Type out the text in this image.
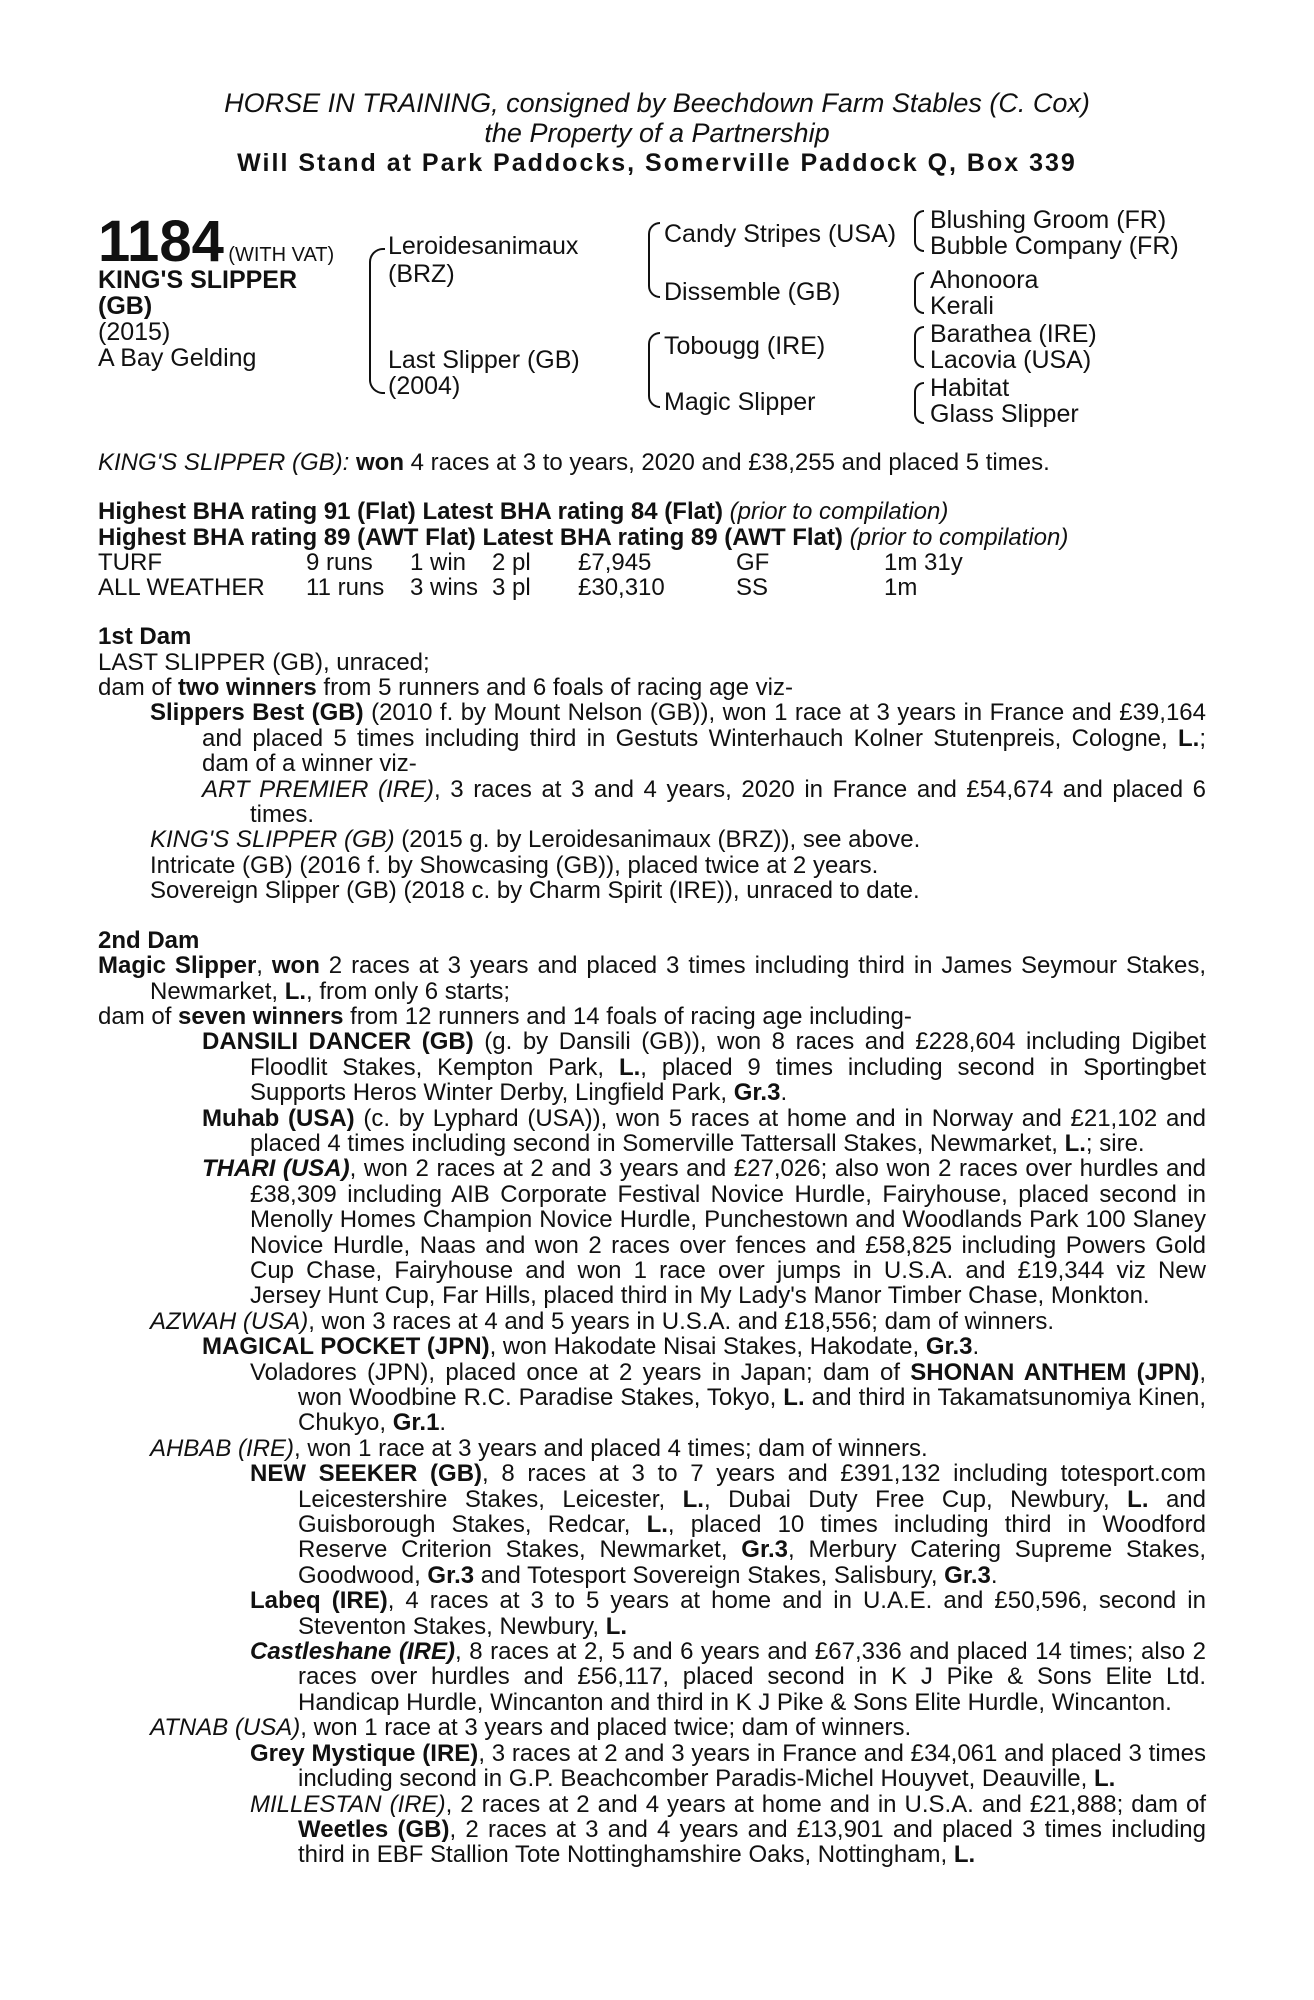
HORSE IN TRAINING, consigned by Beechdown Farm Stables (C. Cox)
the Property of a Partnership
Will Stand at Park Paddocks, Somerville Paddock Q, Box 339
1184 (WITH VAT)
KING'S SLIPPER
(GB)
(2015)
A Bay Gelding
Leroidesanimaux
(BRZ)
Last Slipper (GB)
(2004)
Candy Stripes (USA)
Dissemble (GB)
Tobougg (IRE)
Magic Slipper
Blushing Groom (FR)
Bubble Company (FR)
Ahonoora
Kerali
Barathea (IRE)
Lacovia (USA)
Habitat
Glass Slipper

KING'S SLIPPER (GB): won 4 races at 3 to years, 2020 and £38,255 and placed 5 times.

Highest BHA rating 91 (Flat) Latest BHA rating 84 (Flat) (prior to compilation)

Highest BHA rating 89 (AWT Flat) Latest BHA rating 89 (AWT Flat) (prior to compilation)

TURF	9 runs	1 win	2 pl	£7,945	GF	1m 31y
ALL WEATHER	11 runs	3 wins	3 pl	£30,310	SS	1m

1st Dam

LAST SLIPPER (GB), unraced;

dam of two winners from 5 runners and 6 foals of racing age viz-

Slippers Best (GB) (2010 f. by Mount Nelson (GB)), won 1 race at 3 years in France and £39,164 and placed 5 times including third in Gestuts Winterhauch Kolner Stutenpreis, Cologne, L.; dam of a winner viz-

ART PREMIER (IRE), 3 races at 3 and 4 years, 2020 in France and £54,674 and placed 6 times.

KING'S SLIPPER (GB) (2015 g. by Leroidesanimaux (BRZ)), see above.

Intricate (GB) (2016 f. by Showcasing (GB)), placed twice at 2 years.

Sovereign Slipper (GB) (2018 c. by Charm Spirit (IRE)), unraced to date.

2nd Dam

Magic Slipper, won 2 races at 3 years and placed 3 times including third in James Seymour Stakes, Newmarket, L., from only 6 starts;

dam of seven winners from 12 runners and 14 foals of racing age including-

DANSILI DANCER (GB) (g. by Dansili (GB)), won 8 races and £228,604 including Digibet Floodlit Stakes, Kempton Park, L., placed 9 times including second in Sportingbet Supports Heros Winter Derby, Lingfield Park, Gr.3.

Muhab (USA) (c. by Lyphard (USA)), won 5 races at home and in Norway and £21,102 and placed 4 times including second in Somerville Tattersall Stakes, Newmarket, L.; sire.

THARI (USA), won 2 races at 2 and 3 years and £27,026; also won 2 races over hurdles and £38,309 including AIB Corporate Festival Novice Hurdle, Fairyhouse, placed second in Menolly Homes Champion Novice Hurdle, Punchestown and Woodlands Park 100 Slaney Novice Hurdle, Naas and won 2 races over fences and £58,825 including Powers Gold Cup Chase, Fairyhouse and won 1 race over jumps in U.S.A. and £19,344 viz New Jersey Hunt Cup, Far Hills, placed third in My Lady's Manor Timber Chase, Monkton.

AZWAH (USA), won 3 races at 4 and 5 years in U.S.A. and £18,556; dam of winners.

MAGICAL POCKET (JPN), won Hakodate Nisai Stakes, Hakodate, Gr.3.

Voladores (JPN), placed once at 2 years in Japan; dam of SHONAN ANTHEM (JPN), won Woodbine R.C. Paradise Stakes, Tokyo, L. and third in Takamatsunomiya Kinen, Chukyo, Gr.1.

AHBAB (IRE), won 1 race at 3 years and placed 4 times; dam of winners.

NEW SEEKER (GB), 8 races at 3 to 7 years and £391,132 including totesport.com Leicestershire Stakes, Leicester, L., Dubai Duty Free Cup, Newbury, L. and Guisborough Stakes, Redcar, L., placed 10 times including third in Woodford Reserve Criterion Stakes, Newmarket, Gr.3, Merbury Catering Supreme Stakes, Goodwood, Gr.3 and Totesport Sovereign Stakes, Salisbury, Gr.3.

Labeq (IRE), 4 races at 3 to 5 years at home and in U.A.E. and £50,596, second in Steventon Stakes, Newbury, L.

Castleshane (IRE), 8 races at 2, 5 and 6 years and £67,336 and placed 14 times; also 2 races over hurdles and £56,117, placed second in K J Pike & Sons Elite Ltd. Handicap Hurdle, Wincanton and third in K J Pike & Sons Elite Hurdle, Wincanton.

ATNAB (USA), won 1 race at 3 years and placed twice; dam of winners.

Grey Mystique (IRE), 3 races at 2 and 3 years in France and £34,061 and placed 3 times including second in G.P. Beachcomber Paradis-Michel Houyvet, Deauville, L.

MILLESTAN (IRE), 2 races at 2 and 4 years at home and in U.S.A. and £21,888; dam of Weetles (GB), 2 races at 3 and 4 years and £13,901 and placed 3 times including third in EBF Stallion Tote Nottinghamshire Oaks, Nottingham, L.
